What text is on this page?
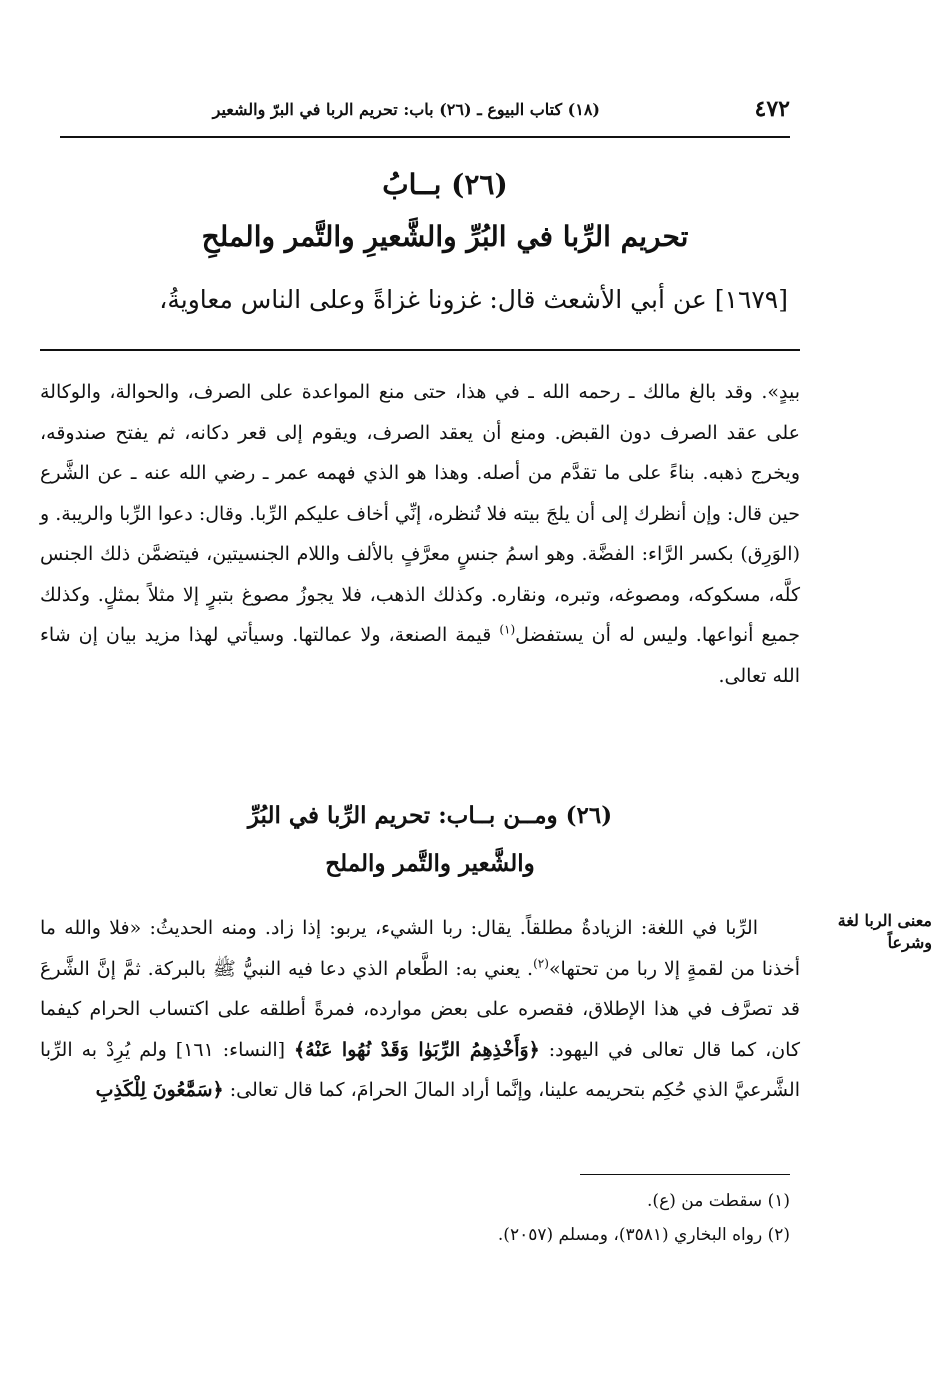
٤٧٢
(١٨) كتاب البيوع ـ (٢٦) باب: تحريم الربا في البرّ والشعير
(٢٦) بــابُ
تحريم الرِّبا في البُرِّ والشَّعيرِ والتَّمر والملحِ
[١٦٧٩] عن أبي الأشعث قال: غزونا غزاةً وعلى الناس معاويةُ،

بيدٍ». وقد بالغ مالك ـ رحمه الله ـ في هذا، حتى منع المواعدة على الصرف، والحوالة، والوكالة على عقد الصرف دون القبض. ومنع أن يعقد الصرف، ويقوم إلى قعر دكانه، ثم يفتح صندوقه، ويخرج ذهبه. بناءً على ما تقدَّم من أصله. وهذا هو الذي فهمه عمر ـ رضي الله عنه ـ عن الشَّرع حين قال: وإن أنظرك إلى أن يلجَ بيته فلا تُنظره، إنِّي أخاف عليكم الرِّبا. وقال: دعوا الرِّبا والريبة. و (الوَرِق) بكسر الرَّاء: الفضَّة. وهو اسمُ جنسٍ معرَّفٍ بالألف واللام الجنسيتين، فيتضمَّن ذلك الجنس كلَّه، مسكوكه، ومصوغه، وتبره، ونقاره. وكذلك الذهب، فلا يجوزُ مصوغ بتبرٍ إلا مثلاً بمثلٍ. وكذلك جميع أنواعها. وليس له أن يستفضل$^{(١)}$ قيمة الصنعة، ولا عمالتها. وسيأتي لهذا مزيد بيان إن شاء الله تعالى.

(٢٦) ومــن بــاب: تحريم الرِّبا في البُرِّ
والشَّعير والتَّمر والملح
معنى الربا لغة وشرعاً

الرِّبا في اللغة: الزيادةُ مطلقاً. يقال: ربا الشيء، يربو: إذا زاد. ومنه الحديثُ: «فلا والله ما أخذنا من لقمةٍ إلا ربا من تحتها»$^{(٢)}$. يعني به: الطَّعام الذي دعا فيه النبيُّ ﷺ بالبركة. ثمَّ إنَّ الشَّرعَ قد تصرَّف في هذا الإطلاق، فقصره على بعض موارده، فمرةً أطلقه على اكتساب الحرام كيفما كان، كما قال تعالى في اليهود: ﴿وَأَخْذِهِمُ الرِّبَوٰا وَقَدْ نُهُوا عَنْهُ﴾ [النساء: ١٦١] ولم يُرِدْ به الرِّبا الشَّرعيَّ الذي حُكِم بتحريمه علينا، وإنَّما أراد المالَ الحرامَ، كما قال تعالى: ﴿سَمَّٰعُونَ لِلْكَذِبِ

(١) سقطت من (ع).

(٢) رواه البخاري (٣٥٨١)، ومسلم (٢٠٥٧).
